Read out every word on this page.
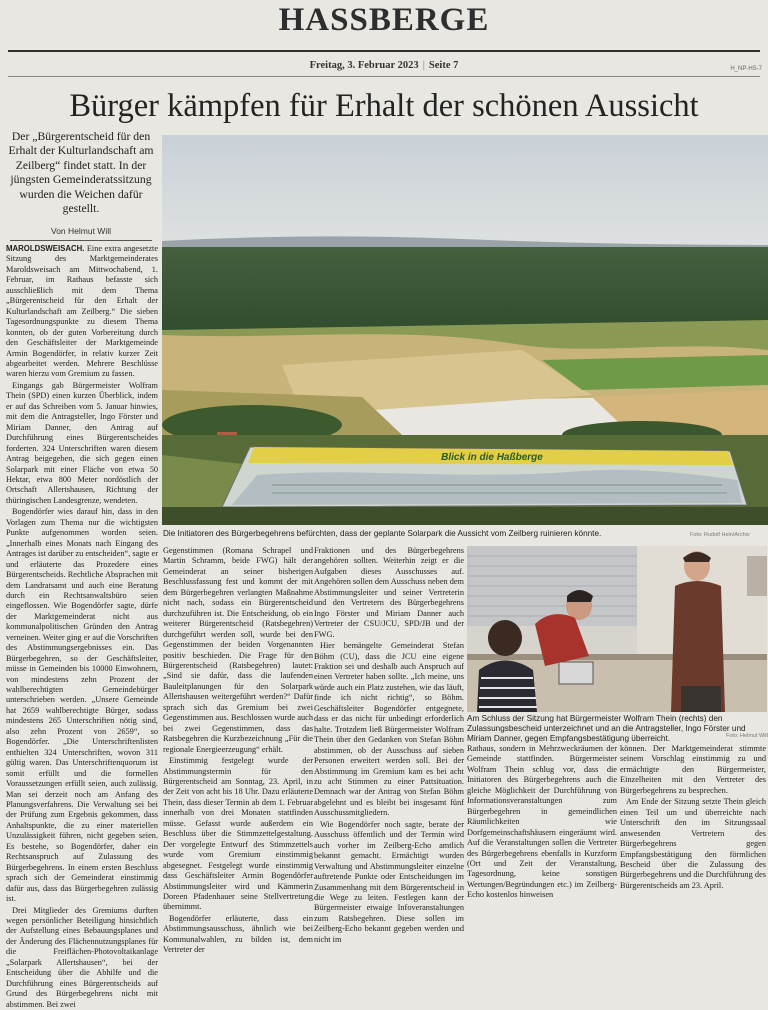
HASSBERGE
Freitag, 3. Februar 2023 | Seite 7	H_NP-HS-7
Bürger kämpfen für Erhalt der schönen Aussicht
Der „Bürgerentscheid für den Erhalt der Kulturlandschaft am Zeilberg“ findet statt. In der jüngsten Gemeinderatssitzung wurden die Weichen dafür gestellt.
Von Helmut Will
Blick in die Haßberge
Die Initiatoren des Bürgerbegehrens befürchten, dass der geplante Solarpark die Aussicht vom Zeilberg ruinieren könnte.	Foto: Rudolf Hein/Archiv
Am Schluss der Sitzung hat Bürgermeister Wolfram Thein (rechts) den Zulassungsbescheid unterzeichnet und an die Antragsteller, Ingo Förster und Miriam Danner, gegen Empfangsbestätigung überreicht.	Foto: Helmut Will

MAROLDSWEISACH. Eine extra angesetzte Sitzung des Marktgemeinderates Maroldsweisach am Mittwochabend, 1. Februar, im Rathaus befasste sich ausschließlich mit dem Thema „Bürgerentscheid für den Erhalt der Kulturlandschaft am Zeilberg.“ Die sieben Tagesordnungspunkte zu diesem Thema konnten, ob der guten Vorbereitung durch den Geschäftsleiter der Marktgemeinde Armin Bogendörfer, in relativ kurzer Zeit abgearbeitet werden. Mehrere Beschlüsse waren hierzu vom Gremium zu fassen.

Eingangs gab Bürgermeister Wolfram Thein (SPD) einen kurzen Überblick, indem er auf das Schreiben vom 5. Januar hinwies, mit dem die Antragsteller, Ingo Förster und Miriam Danner, den Antrag auf Durchführung eines Bürgerentscheides forderten. 324 Unterschriften waren diesem Antrag beigegeben, die sich gegen einen Solarpark mit einer Fläche von etwa 50 Hektar, etwa 800 Meter nordöstlich der Ortschaft Allertshausen, Richtung der thüringischen Landesgrenze, wendeten.

Bogendörfer wies darauf hin, dass in den Vorlagen zum Thema nur die wichtigsten Punkte aufgenommen worden seien. „Innerhalb eines Monats nach Eingang des Antrages ist darüber zu entscheiden“, sagte er und erläuterte das Prozedere eines Bürgerentscheids. Rechtliche Absprachen mit dem Landratsamt und auch eine Beratung durch ein Rechtsanwaltsbüro seien eingeflossen. Wie Bogendörfer sagte, dürfe der Marktgemeinderat nicht aus kommunalpolitischen Gründen den Antrag verneinen. Weiter ging er auf die Vorschriften des Abstimmungsergebnisses ein. Das Bürgerbegehren, so der Geschäftsleiter, müsse in Gemeinden bis 10000 Einwohnern, von mindestens zehn Prozent der wahlberechtigten Gemeindebürger unterschrieben werden. „Unsere Gemeinde hat 2659 wahlberechtigte Bürger, sodass mindestens 265 Unterschriften nötig sind, also zehn Prozent von 2659“, so Bogendörfer. „Die Unterschriftenlisten enthielten 324 Unterschriften, wovon 311 gültig waren. Das Unterschriftenquorum ist somit erfüllt und die formellen Voraussetzungen erfüllt seien, auch zulässig. Man sei derzeit noch am Anfang des Planungsverfahrens. Die Verwaltung sei bei der Prüfung zum Ergebnis gekommen, dass Anhaltspunkte, die zu einer materiellen Unzulässigkeit führen, nicht gegeben seien. Es bestehe, so Bogendörfer, daher ein Rechtsanspruch auf Zulassung des Bürgerbegehrens. In einem ersten Beschluss sprach sich der Gemeinderat einstimmig dafür aus, dass das Bürgerbegehren zulässig ist.

Drei Mitglieder des Gremiums durften wegen persönlicher Beteiligung hinsichtlich der Aufstellung eines Bebauungsplanes und der Änderung des Flächennutzungsplanes für die Freiflächen-Photovoltaikanlage „Solarpark Allertshausen“, bei der Entscheidung über die Abhilfe und die Durchführung eines Bürgerentscheids auf Grund des Bürgerbegehrens nicht mit abstimmen. Bei zwei

Gegenstimmen (Romana Schrapel und Martin Schramm, beide FWG) hält der Gemeinderat an seiner bisherigen Beschlussfassung fest und kommt der mit dem Bürgerbegehren verlangten Maßnahme nicht nach, sodass ein Bürgerentscheid durchzuführen ist. Die Entscheidung, ob ein weiterer Bürgerentscheid (Ratsbegehren) durchgeführt werden soll, wurde bei den Gegenstimmen der beiden Vorgenannten positiv beschieden. Die Frage für den Bürgerentscheid (Ratsbegehren) lautet: „Sind sie dafür, dass die laufenden Bauleitplanungen für den Solarpark Allertshausen weitergeführt werden?“ Dafür sprach sich das Gremium bei zwei Gegenstimmen aus. Beschlossen wurde auch bei zwei Gegenstimmen, dass das Ratsbegehren die Kurzbezeichnung „Für die regionale Energieerzeugung“ erhält.

Einstimmig festgelegt wurde der Abstimmungstermin für den Bürgerentscheid am Sonntag, 23. April, in der Zeit von acht bis 18 Uhr. Dazu erläuterte Thein, dass dieser Termin ab dem 1. Februar innerhalb von drei Monaten stattfinden müsse. Gefasst wurde außerdem ein Beschluss über die Stimmzettelgestaltung. Der vorgelegte Entwurf des Stimmzettels wurde vom Gremium einstimmig abgesegnet. Festgelegt wurde einstimmig dass Geschäftsleiter Armin Bogendörfer Abstimmungsleiter wird und Kämmerin Doreen Pfadenhauer seine Stellvertretung übernimmt.

Bogendörfer erläuterte, dass ein Abstimmungsausschuss, ähnlich wie bei Kommunalwahlen, zu bilden ist, dem Vertreter der

Fraktionen und des Bürgerbegehrens angehören sollten. Weiterhin zeigt er die Aufgaben dieses Ausschusses auf. Angehören sollen dem Ausschuss neben dem Abstimmungsleiter und seiner Vertreterin und den Vertretern des Bürgerbegehrens Ingo Förster und Miriam Danner auch Vertreter der CSU/JCU, SPD/JB und der FWG.

Hier bemängelte Gemeinderat Stefan Böhm (CU), dass die JCU eine eigene Fraktion sei und deshalb auch Anspruch auf einen Vertreter haben sollte. „Ich meine, uns würde auch ein Platz zustehen, wie das läuft, finde ich nicht richtig“, so Böhm. Geschäftsleiter Bogendörfer entgegnete, dass er das nicht für unbedingt erforderlich halte. Trotzdem ließ Bürgermeister Wolfram Thein über den Gedanken von Stefan Böhm abstimmen, ob der Ausschuss auf sieben Personen erweitert werden soll. Bei der Abstimmung im Gremium kam es bei acht zu acht Stimmen zu einer Pattsituation. Demnach war der Antrag von Stefan Böhm abgelehnt und es bleibt bei insgesamt fünf Ausschussmitgliedern.

Wie Bogendörfer noch sagte, berate der Ausschuss öffentlich und der Termin wird auch vorher im Zeilberg-Echo amtlich bekannt gemacht. Ermächtigt wurden Verwaltung und Abstimmungsleiter einzelne auftretende Punkte oder Entscheidungen im Zusammenhang mit dem Bürgerentscheid in die Wege zu leiten. Festlegen kann der Bürgermeister etwaige Infoveranstaltungen zum Ratsbegehren. Diese sollen im Zeilberg-Echo bekannt gegeben werden und nicht im

Rathaus, sondern in Mehrzweckräumen der Gemeinde stattfinden. Bürgermeister Wolfram Thein schlug vor, dass die Initiatoren des Bürgerbegehrens auch die gleiche Möglichkeit der Durchführung von Informationsveranstaltungen zum Bürgerbegehren in gemeindlichen Räumlichkeiten wie Dorfgemeinschaftshäusern eingeräumt wird. Auf die Veranstaltungen sollen die Vertreter des Bürgerbegehrens ebenfalls in Kurzform (Ort und Zeit der Veranstaltung, Tagesordnung, keine sonstigen Wertungen/Begründungen etc.) im Zeilberg-Echo kostenlos hinweisen

können. Der Marktgemeinderat stimmte seinem Vorschlag einstimmig zu und ermächtigte den Bürgermeister, Einzelheiten mit den Vertreter des Bürgerbegehrens zu besprechen.

Am Ende der Sitzung setzte Thein gleich einen Teil um und überreichte nach Unterschrift den im Sitzungssaal anwesenden Vertretern des Bürgerbegehrens gegen Empfangsbestätigung den förmlichen Bescheid über die Zulassung des Bürgerbegehrens und die Durchführung des Bürgerentscheids am 23. April.
